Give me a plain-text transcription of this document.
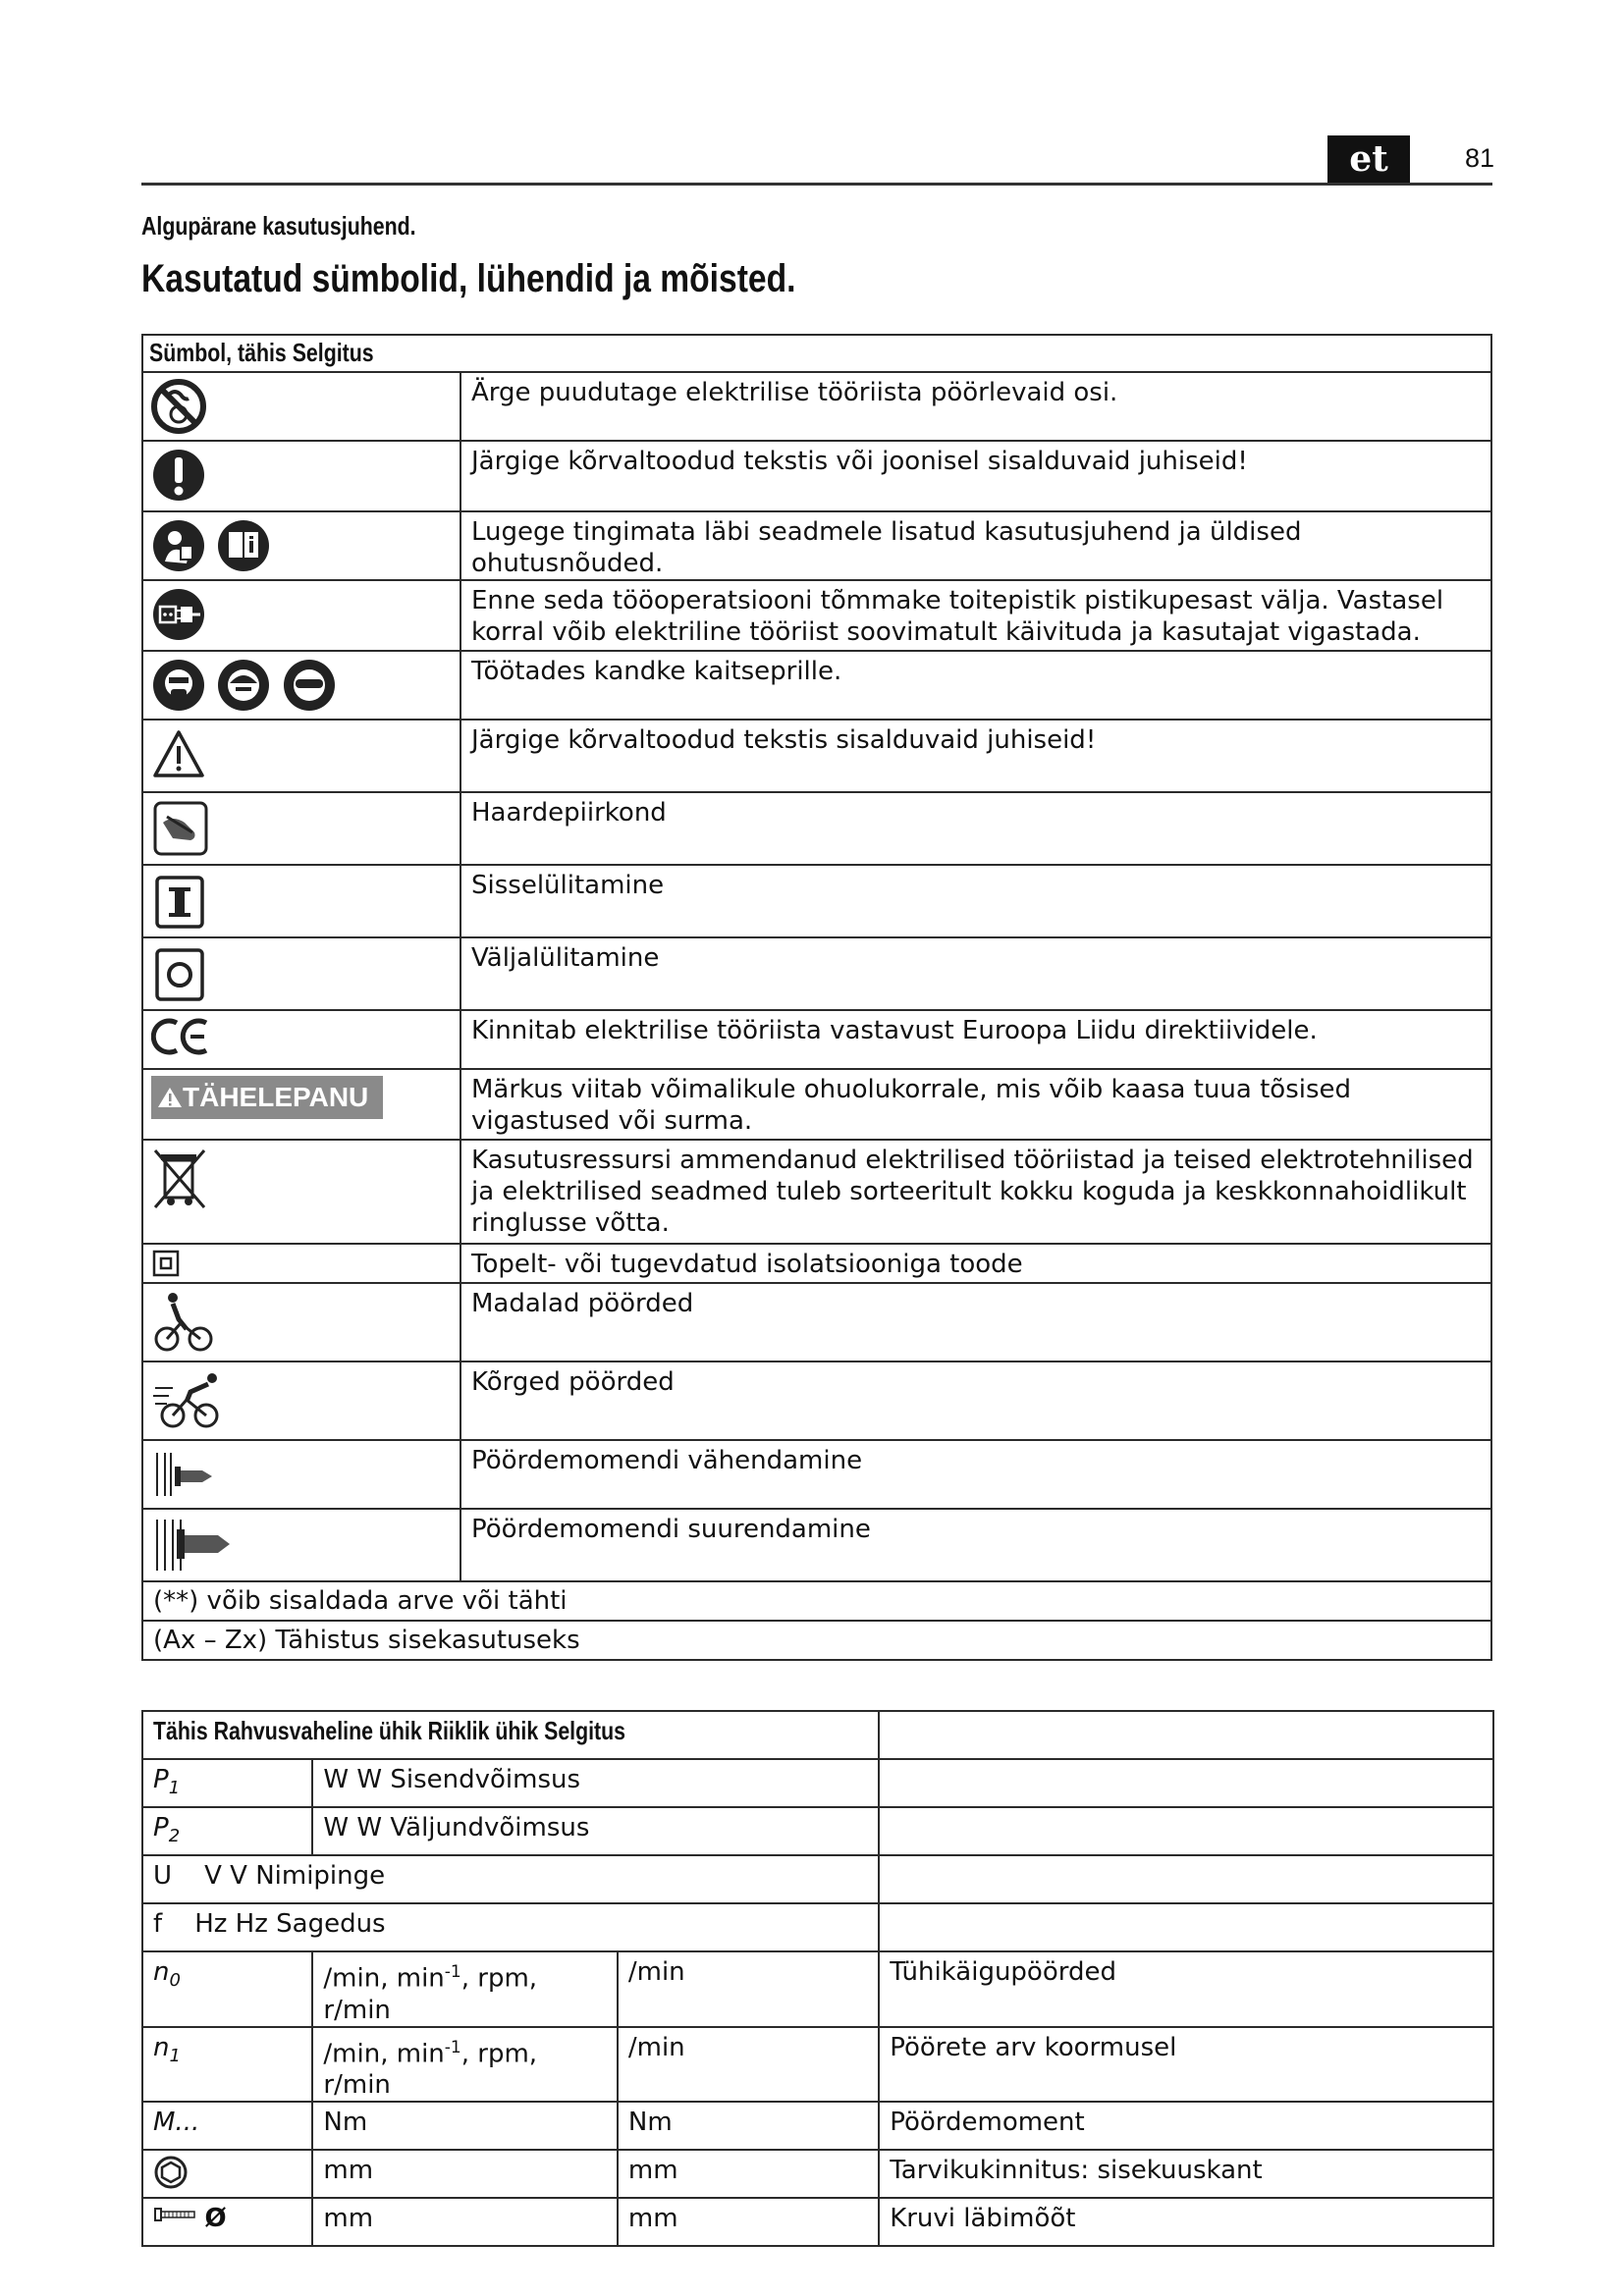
et	81
Algupärane kasutusjuhend.
Kasutatud sümbolid, lühendid ja mõisted.
Sümbol, tähis Selgitus	
	Ärge puudutage elektrilise tööriista pöörlevaid osi.
	Järgige kõrvaltoodud tekstis või joonisel sisalduvaid juhiseid!
	Lugege tingimata läbi seadmele lisatud kasutusjuhend ja üldised ohutusnõuded.
	Enne seda tööoperatsiooni tõmmake toitepistik pistikupesast välja. Vastasel korral võib elektriline tööriist soovimatult käivituda ja kasutajat vigastada.
	Töötades kandke kaitseprille.
	Järgige kõrvaltoodud tekstis sisalduvaid juhiseid!
	Haardepiirkond
	Sisselülitamine
	Väljalülitamine
	Kinnitab elektrilise tööriista vastavust Euroopa Liidu direktiividele.

TÄHELEPANU	Märkus viitab võimalikule ohuolukorrale, mis võib kaasa tuua tõsised vigastused või surma.
	Kasutusressursi ammendanud elektrilised tööriistad ja teised elektrotehnilised ja elektrilised seadmed tuleb sorteeritult kokku koguda ja keskkonnahoidlikult ringlusse võtta.
	Topelt- või tugevdatud isolatsiooniga toode
	Madalad pöörded
	Kõrged pöörded
	Pöördemomendi vähendamine
	Pöördemomendi suurendamine
(**) võib sisaldada arve või tähti	
(Ax – Zx) Tähistus sisekasutuseks	
Tähis Rahvusvaheline ühik Riiklik ühik Selgitus			
$P_1$	W W Sisendvõimsus		
$P_2$	W W Väljundvõimsus		
U    V V Nimipinge			
f    Hz Hz Sagedus			
$n_0$	/min, $\min^{-1}$, rpm, r/min	/min	Tühikäigupöörded
$n_1$	/min, $\min^{-1}$, rpm, r/min	/min	Pöörete arv koormusel
M...	Nm	Nm	Pöördemoment
	mm	mm	Tarvikukinnitus: sisekuuskant
Ø	mm	mm	Kruvi läbimõõt
